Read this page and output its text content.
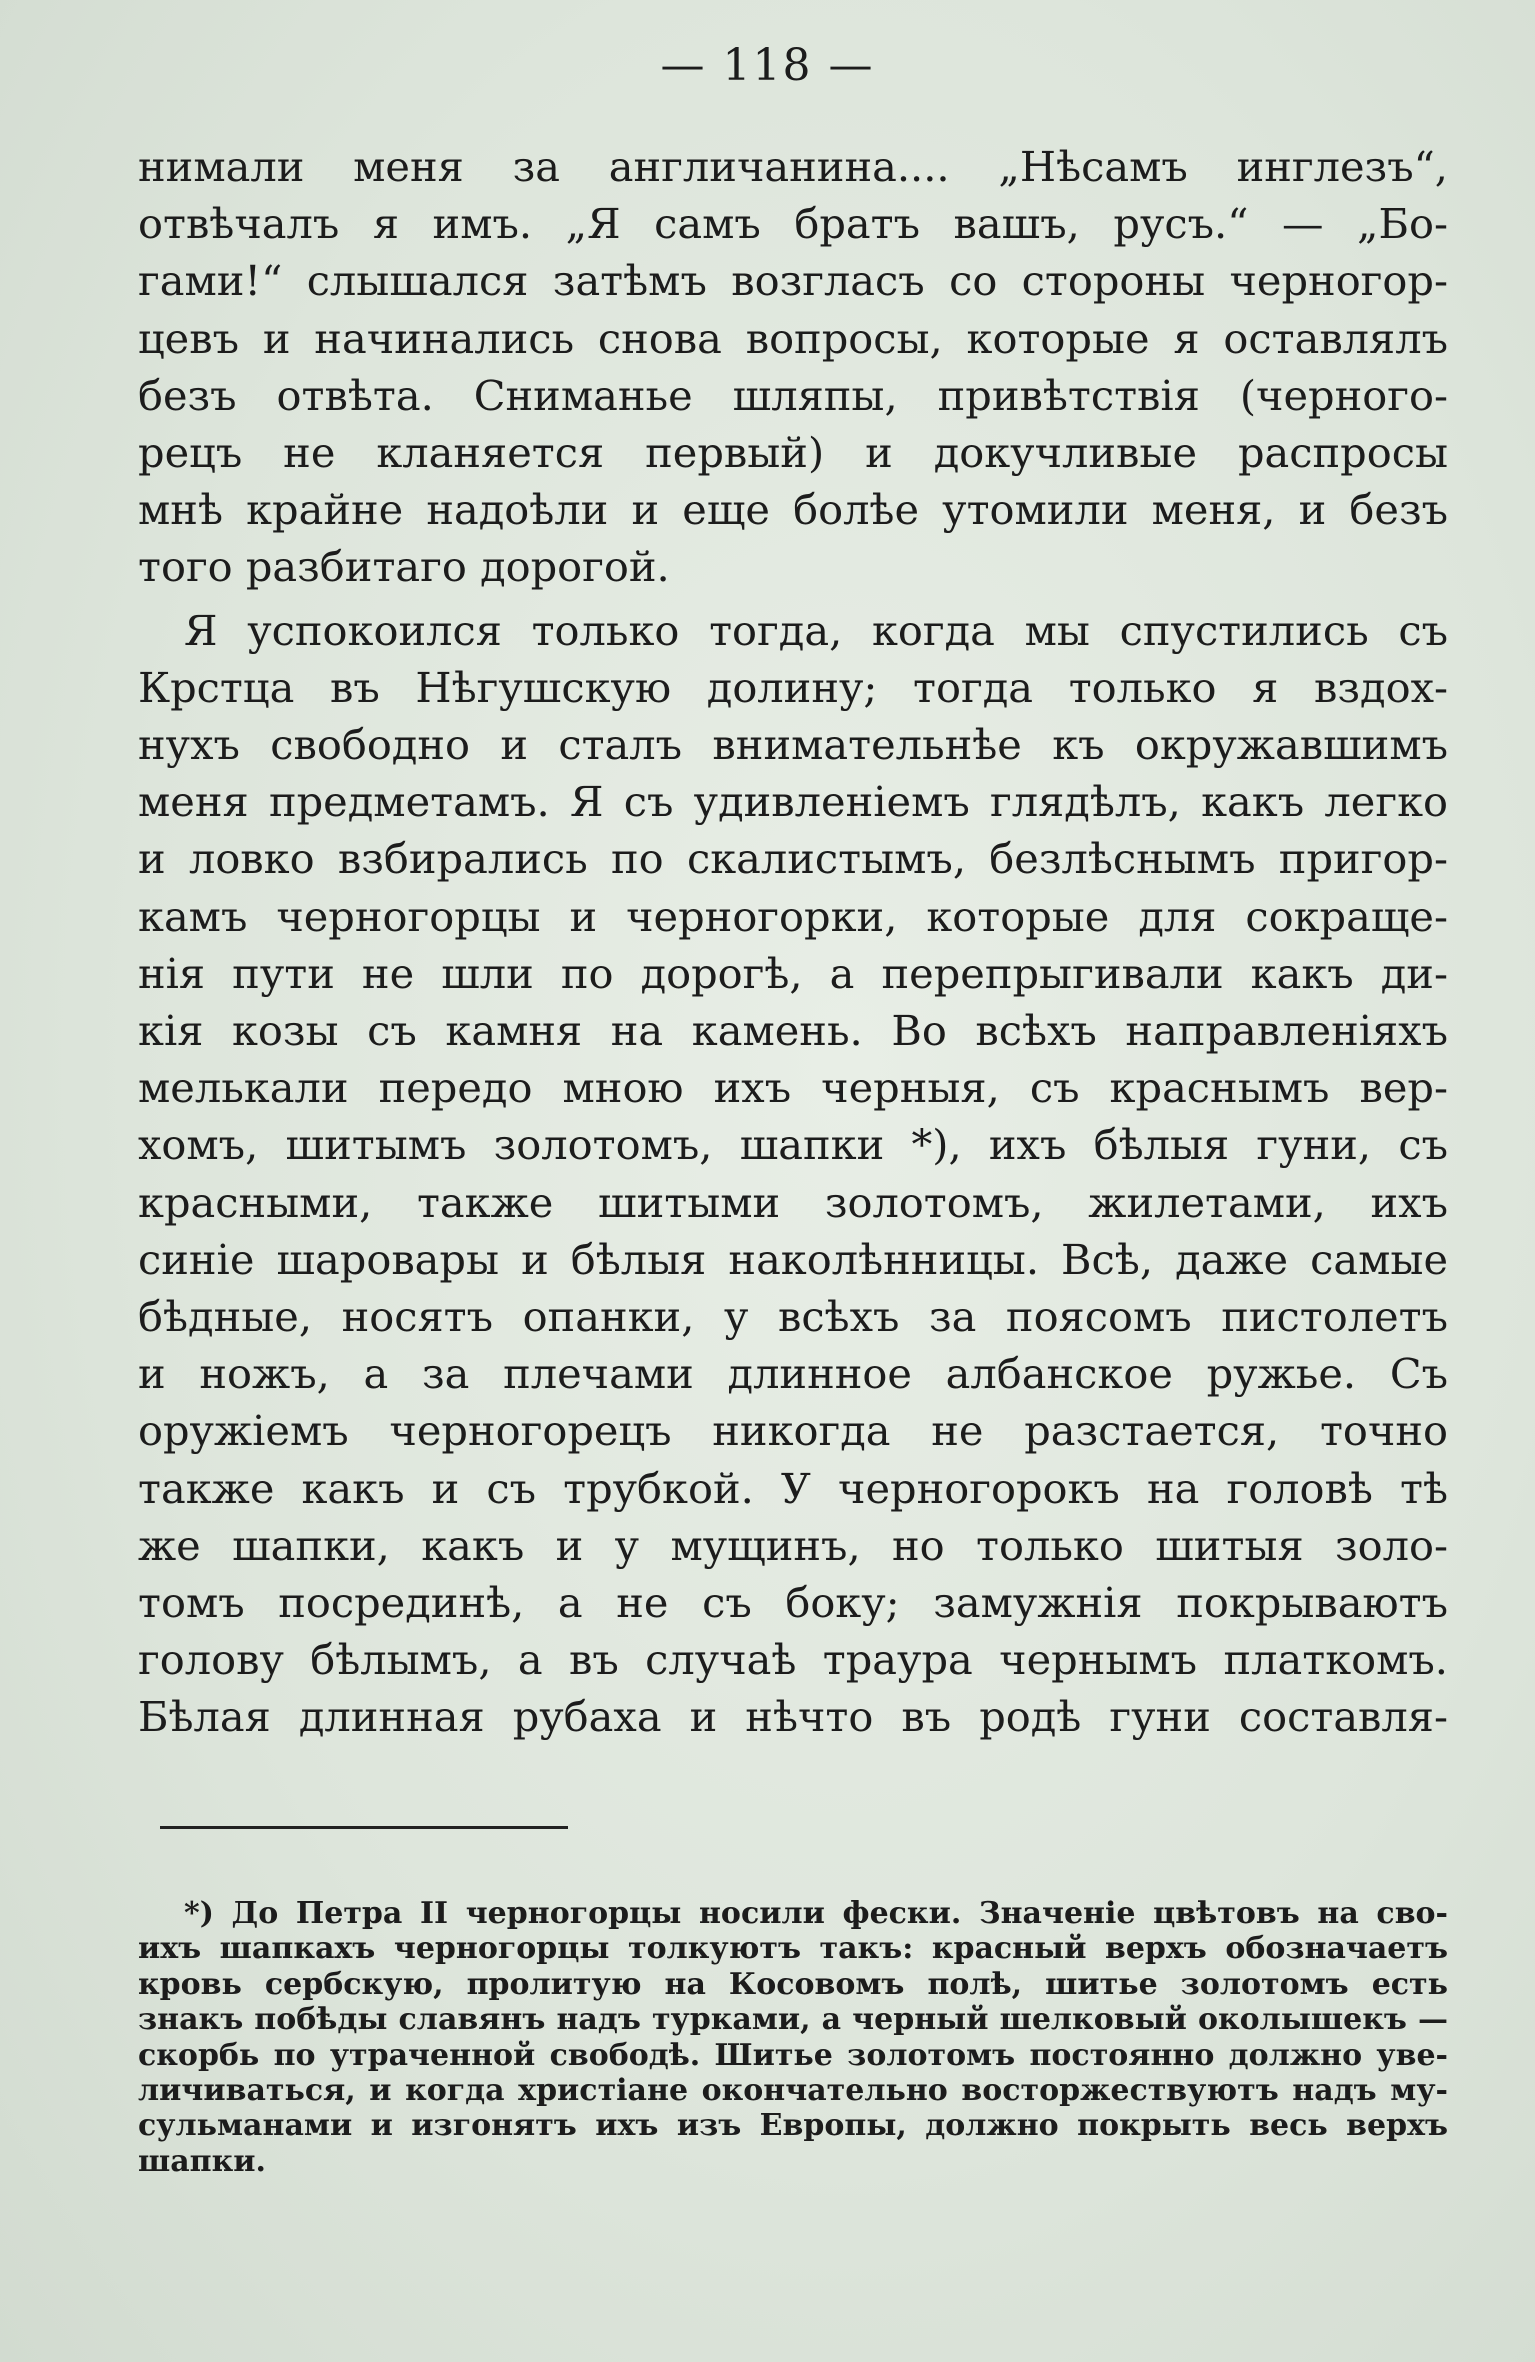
— 118 —

нимали меня за англичанина.... „Нѣсамъ инглезъ“,
отвѣчалъ я имъ. „Я самъ братъ вашъ, русъ.“ — „Бо-
гами!“ слышался затѣмъ возгласъ со стороны черногор-
цевъ и начинались снова вопросы, которые я оставлялъ
безъ отвѣта. Сниманье шляпы, привѣтствія (черного-
рецъ не кланяется первый) и докучливые распросы
мнѣ крайне надоѣли и еще болѣе утомили меня, и безъ
того разбитаго дорогой.

Я успокоился только тогда, когда мы спустились съ
Крстца въ Нѣгушскую долину; тогда только я вздох-
нухъ свободно и сталъ внимательнѣе къ окружавшимъ
меня предметамъ. Я съ удивленіемъ глядѣлъ, какъ легко
и ловко взбирались по скалистымъ, безлѣснымъ пригор-
камъ черногорцы и черногорки, которые для сокраще-
нія пути не шли по дорогѣ, а перепрыгивали какъ ди-
кія козы съ камня на камень. Во всѣхъ направленіяхъ
мелькали передо мною ихъ черныя, съ краснымъ вер-
хомъ, шитымъ золотомъ, шапки *), ихъ бѣлыя гуни, съ
красными, также шитыми золотомъ, жилетами, ихъ
синіе шаровары и бѣлыя наколѣнницы. Всѣ, даже самые
бѣдные, носятъ опанки, у всѣхъ за поясомъ пистолетъ
и ножъ, а за плечами длинное албанское ружье. Съ
оружіемъ черногорецъ никогда не разстается, точно
также какъ и съ трубкой. У черногорокъ на головѣ тѣ
же шапки, какъ и у мущинъ, но только шитыя золо-
томъ посрединѣ, а не съ боку; замужнія покрываютъ
голову бѣлымъ, а въ случаѣ траура чернымъ платкомъ.
Бѣлая длинная рубаха и нѣчто въ родѣ гуни составля-

*) До Петра II черногорцы носили фески. Значеніе цвѣтовъ на сво-
ихъ шапкахъ черногорцы толкуютъ такъ: красный верхъ обозначаетъ
кровь сербскую, пролитую на Косовомъ полѣ, шитье золотомъ есть
знакъ побѣды славянъ надъ турками, а черный шелковый околышекъ —
скорбь по утраченной свободѣ. Шитье золотомъ постоянно должно уве-
личиваться, и когда христіане окончательно восторжествуютъ надъ му-
сульманами и изгонятъ ихъ изъ Европы, должно покрыть весь верхъ
шапки.
